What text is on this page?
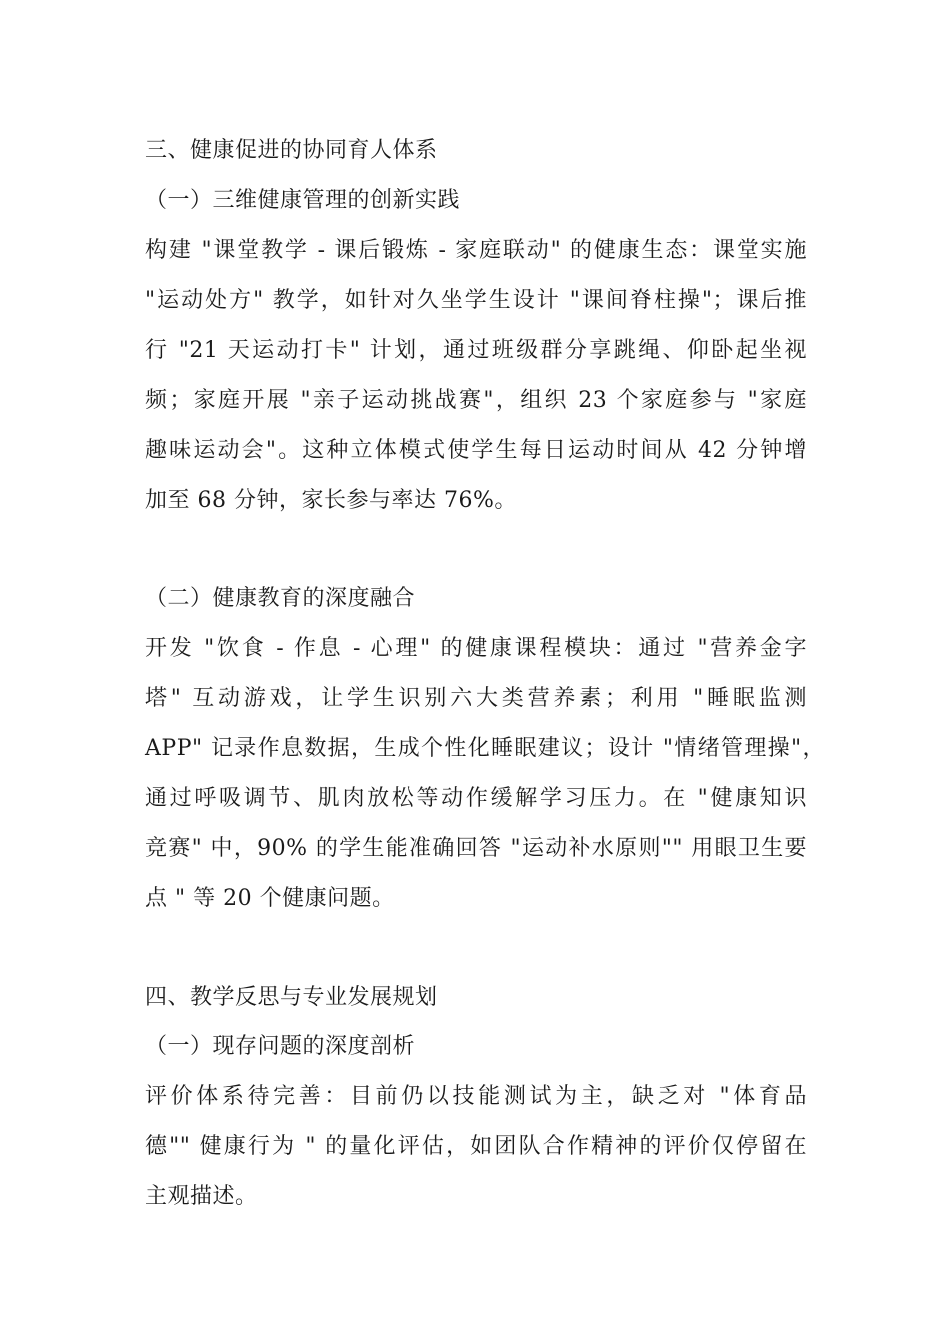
三、健康促进的协同育人体系
（一）三维健康管理的创新实践
构建 "课堂教学 - 课后锻炼 - 家庭联动" 的健康生态：课堂实施
"运动处方" 教学，如针对久坐学生设计 "课间脊柱操"；课后推
行 "21 天运动打卡" 计划，通过班级群分享跳绳、仰卧起坐视
频；家庭开展 "亲子运动挑战赛"，组织 23 个家庭参与 "家庭
趣味运动会"。这种立体模式使学生每日运动时间从 42 分钟增
加至 68 分钟，家长参与率达 76%。
（二）健康教育的深度融合
开发 "饮食 - 作息 - 心理" 的健康课程模块：通过 "营养金字
塔" 互动游戏，让学生识别六大类营养素；利用 "睡眠监测
APP" 记录作息数据，生成个性化睡眠建议；设计 "情绪管理操"，
通过呼吸调节、肌肉放松等动作缓解学习压力。在 "健康知识
竞赛" 中，90% 的学生能准确回答 "运动补水原则"" 用眼卫生要
点 " 等 20 个健康问题。
四、教学反思与专业发展规划
（一）现存问题的深度剖析
评价体系待完善：目前仍以技能测试为主，缺乏对 "体育品
德"" 健康行为 " 的量化评估，如团队合作精神的评价仅停留在
主观描述。
